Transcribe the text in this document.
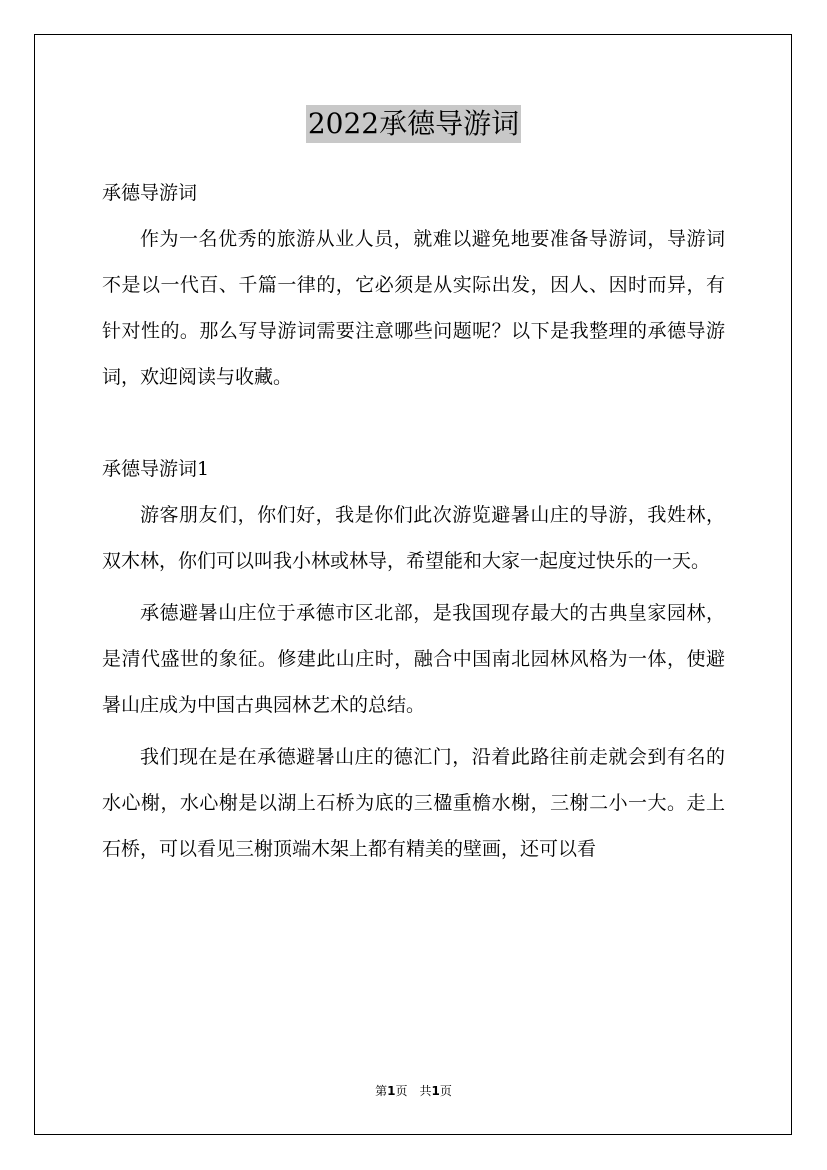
2022承德导游词

承德导游词

作为一名优秀的旅游从业人员，就难以避免地要准备导游词，导游词不是以一代百、千篇一律的，它必须是从实际出发，因人、因时而异，有针对性的。那么写导游词需要注意哪些问题呢？以下是我整理的承德导游词，欢迎阅读与收藏。

承德导游词1

游客朋友们，你们好，我是你们此次游览避暑山庄的导游，我姓林，双木林，你们可以叫我小林或林导，希望能和大家一起度过快乐的一天。

承德避暑山庄位于承德市区北部，是我国现存最大的古典皇家园林，是清代盛世的象征。修建此山庄时，融合中国南北园林风格为一体，使避暑山庄成为中国古典园林艺术的总结。

我们现在是在承德避暑山庄的德汇门，沿着此路往前走就会到有名的水心榭，水心榭是以湖上石桥为底的三楹重檐水榭，三榭二小一大。走上石桥，可以看见三榭顶端木架上都有精美的壁画，还可以看

第1页　共1页
